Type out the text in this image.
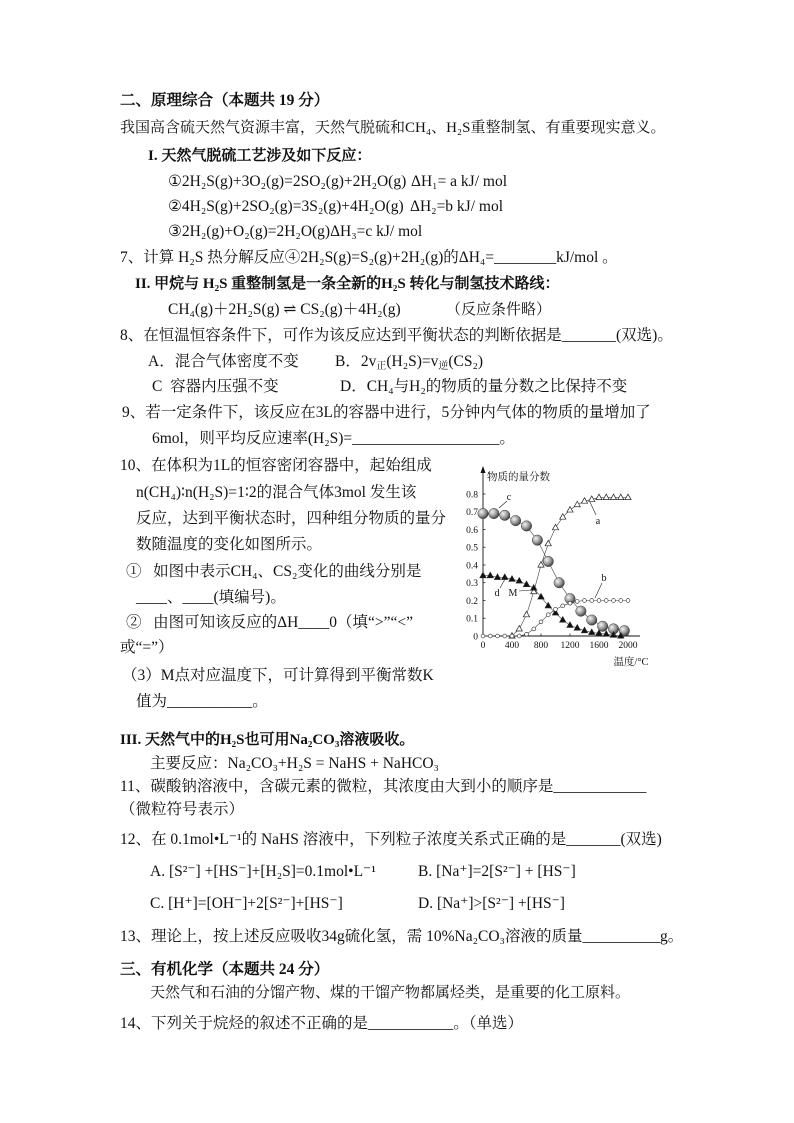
二、原理综合（本题共 19 分）
我国高含硫天然气资源丰富，天然气脱硫和CH₄、H₂S重整制氢、有重要现实意义。
I. 天然气脱硫工艺涉及如下反应：
①2H₂S(g)+3O₂(g)=2SO₂(g)+2H₂O(g) ΔH₁= a kJ/ mol
②4H₂S(g)+2SO₂(g)=3S₂(g)+4H₂O(g) ΔH₂=b kJ/ mol
③2H₂(g)+O₂(g)=2H₂O(g)ΔH₃=c kJ/ mol
7、计算 H₂S 热分解反应④2H₂S(g)=S₂(g)+2H₂(g)的ΔH₄=________kJ/mol 。
II. 甲烷与 H₂S 重整制氢是一条全新的H₂S 转化与制氢技术路线：
CH₄(g)＋2H₂S(g) ⇌ CS₂(g)＋4H₂(g)	（反应条件略）
8、在恒温恒容条件下，可作为该反应达到平衡状态的判断依据是_______(双选)。
A．混合气体密度不变 B．$2v_正(H_2S)=v_逆(CS_2)$
C  容器内压强不变	D．CH₄与H₂的物质的量分数之比保持不变
9、若一定条件下，该反应在3L的容器中进行，5分钟内气体的物质的量增加了
6mol，则平均反应速率(H₂S)=___________________。
10、在体积为1L的恒容密闭容器中，起始组成
n(CH₄)∶n(H₂S)=1∶2的混合气体3mol 发生该
反应，达到平衡状态时，四种组分物质的量分
数随温度的变化如图所示。
①   如图中表示CH₄、CS₂变化的曲线分别是
____、____(填编号)。
②   由图可知该反应的ΔH____0（填“>”“<”
或“=”）
（3）M点对应温度下，可计算得到平衡常数K
值为___________。
0 400 800 1200 1600 2000
0
0.1
0.2
0.3
0.4
0.5
0.6
0.7
0.8
物质的量分数
温度/°C
c
a
b
d M
III. 天然气中的H₂S也可用Na₂CO₃溶液吸收。
主要反应：Na₂CO₃+H₂S = NaHS + NaHCO₃
11、碳酸钠溶液中，含碳元素的微粒，其浓度由大到小的顺序是____________
（微粒符号表示）
12、在 0.1mol•L⁻¹的 NaHS 溶液中，下列粒子浓度关系式正确的是_______(双选)
A. [S²⁻] +[HS⁻]+[H₂S]=0.1mol•L⁻¹	B. [Na⁺]=2[S²⁻] + [HS⁻]
C. [H⁺]=[OH⁻]+2[S²⁻]+[HS⁻]	D. [Na⁺]>[S²⁻] +[HS⁻]
13、理论上，按上述反应吸收34g硫化氢，需 10%Na₂CO₃溶液的质量__________g。
三、有机化学（本题共 24 分）
天然气和石油的分馏产物、煤的干馏产物都属烃类，是重要的化工原料。
14、下列关于烷烃的叙述不正确的是___________。（单选）
